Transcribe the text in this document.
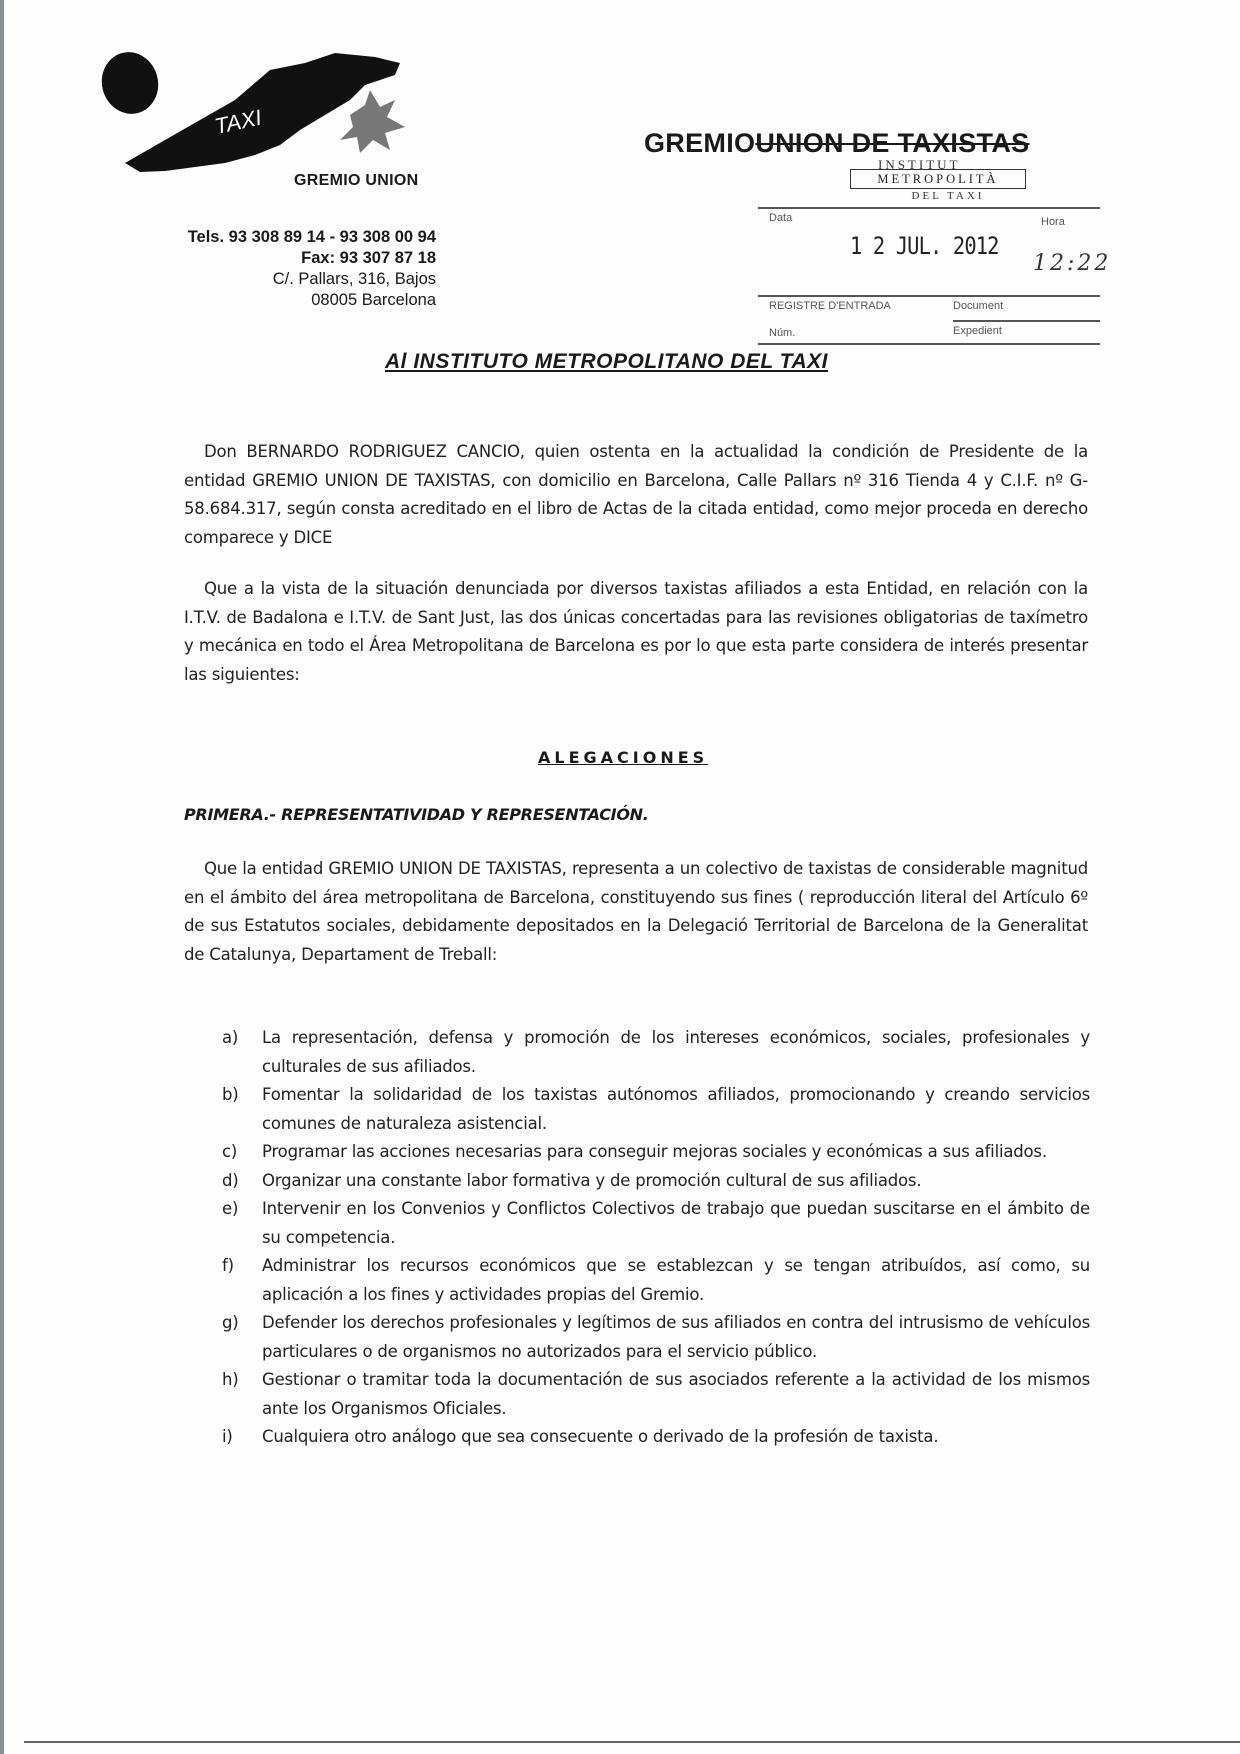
TAXI
GREMIO UNION
Tels. 93 308 89 14 - 93 308 00 94
Fax: 93 307 87 18
C/. Pallars, 316, Bajos
08005 Barcelona
GREMIOUNION DE TAXISTAS
INSTITUT
METROPOLITÀ
DEL TAXI
Data	Hora
1 2 JUL. 2012
12:22
REGISTRE D'ENTRADA	Document
Núm.	Expedient
Al INSTITUTO METROPOLITANO DEL TAXI

Don BERNARDO RODRIGUEZ CANCIO, quien ostenta en la actualidad la condición de Presidente de la entidad GREMIO UNION DE TAXISTAS, con domicilio en Barcelona, Calle Pallars nº 316 Tienda 4 y C.I.F. nº G-58.684.317, según consta acreditado en el libro de Actas de la citada entidad, como mejor proceda en derecho comparece y DICE

Que a la vista de la situación denunciada por diversos taxistas afiliados a esta Entidad, en relación con la I.T.V. de Badalona e I.T.V. de Sant Just, las dos únicas concertadas para las revisiones obligatorias de taxímetro y mecánica en todo el Área Metropolitana de Barcelona es por lo que esta parte considera de interés presentar las siguientes:

ALEGACIONES
PRIMERA.- REPRESENTATIVIDAD Y REPRESENTACIÓN.

Que la entidad GREMIO UNION DE TAXISTAS, representa a un colectivo de taxistas de considerable magnitud en el ámbito del área metropolitana de Barcelona, constituyendo sus fines ( reproducción literal del Artículo 6º de sus Estatutos sociales, debidamente depositados en la Delegació Territorial de Barcelona de la Generalitat de Catalunya, Departament de Treball:

a)	La representación, defensa y promoción de los intereses económicos, sociales, profesionales y culturales de sus afiliados.
b)	Fomentar la solidaridad de los taxistas autónomos afiliados, promocionando y creando servicios comunes de naturaleza asistencial.
c)	Programar las acciones necesarias para conseguir mejoras sociales y económicas a sus afiliados.
d)	Organizar una constante labor formativa y de promoción cultural de sus afiliados.
e)	Intervenir en los Convenios y Conflictos Colectivos de trabajo que puedan suscitarse en el ámbito de su competencia.
f)	Administrar los recursos económicos que se establezcan y se tengan atribuídos, así como, su aplicación a los fines y actividades propias del Gremio.
g)	Defender los derechos profesionales y legítimos de sus afiliados en contra del intrusismo de vehículos particulares o de organismos no autorizados para el servicio público.
h)	Gestionar o tramitar toda la documentación de sus asociados referente a la actividad de los mismos ante los Organismos Oficiales.
i)	Cualquiera otro análogo que sea consecuente o derivado de la profesión de taxista.
